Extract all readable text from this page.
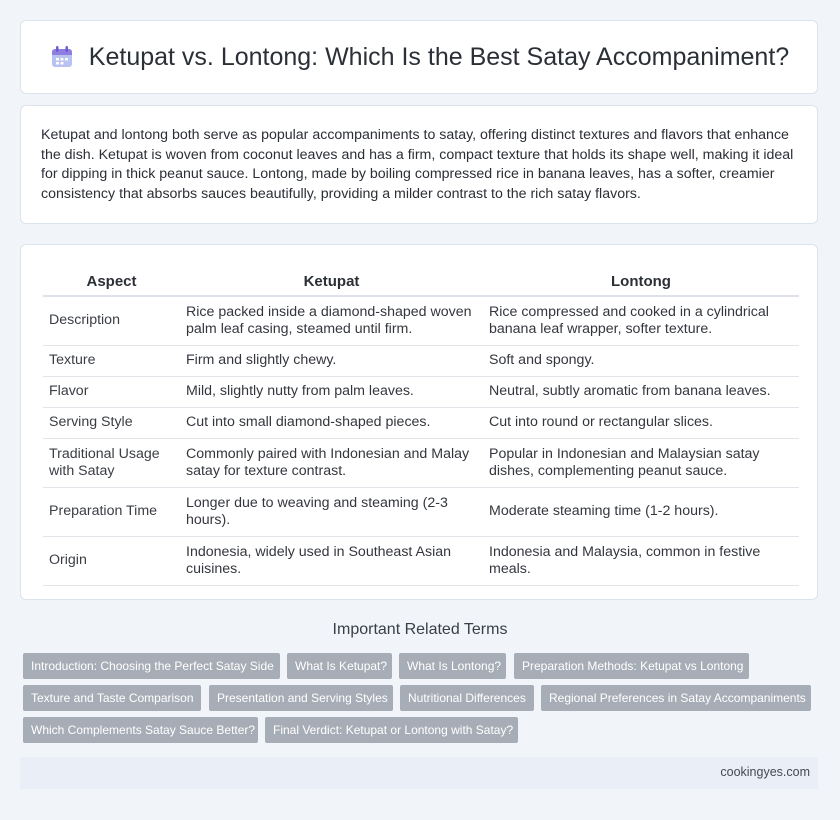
Ketupat vs. Lontong: Which Is the Best Satay Accompaniment?

Ketupat and lontong both serve as popular accompaniments to satay, offering distinct textures and flavors that enhance the dish. Ketupat is woven from coconut leaves and has a firm, compact texture that holds its shape well, making it ideal for dipping in thick peanut sauce. Lontong, made by boiling compressed rice in banana leaves, has a softer, creamier consistency that absorbs sauces beautifully, providing a milder contrast to the rich satay flavors.

Aspect	Ketupat	Lontong
Description	Rice packed inside a diamond-shaped woven palm leaf casing, steamed until firm.	Rice compressed and cooked in a cylindrical banana leaf wrapper, softer texture.
Texture	Firm and slightly chewy.	Soft and spongy.
Flavor	Mild, slightly nutty from palm leaves.	Neutral, subtly aromatic from banana leaves.
Serving Style	Cut into small diamond-shaped pieces.	Cut into round or rectangular slices.
Traditional Usage with Satay	Commonly paired with Indonesian and Malay satay for texture contrast.	Popular in Indonesian and Malaysian satay dishes, complementing peanut sauce.
Preparation Time	Longer due to weaving and steaming (2-3 hours).	Moderate steaming time (1-2 hours).
Origin	Indonesia, widely used in Southeast Asian cuisines.	Indonesia and Malaysia, common in festive meals.
Important Related Terms
Introduction: Choosing the Perfect Satay Side	What Is Ketupat?	What Is Lontong?	Preparation Methods: Ketupat vs Lontong
Texture and Taste Comparison	Presentation and Serving Styles	Nutritional Differences	Regional Preferences in Satay Accompaniments
Which Complements Satay Sauce Better?	Final Verdict: Ketupat or Lontong with Satay?
cookingyes.com
